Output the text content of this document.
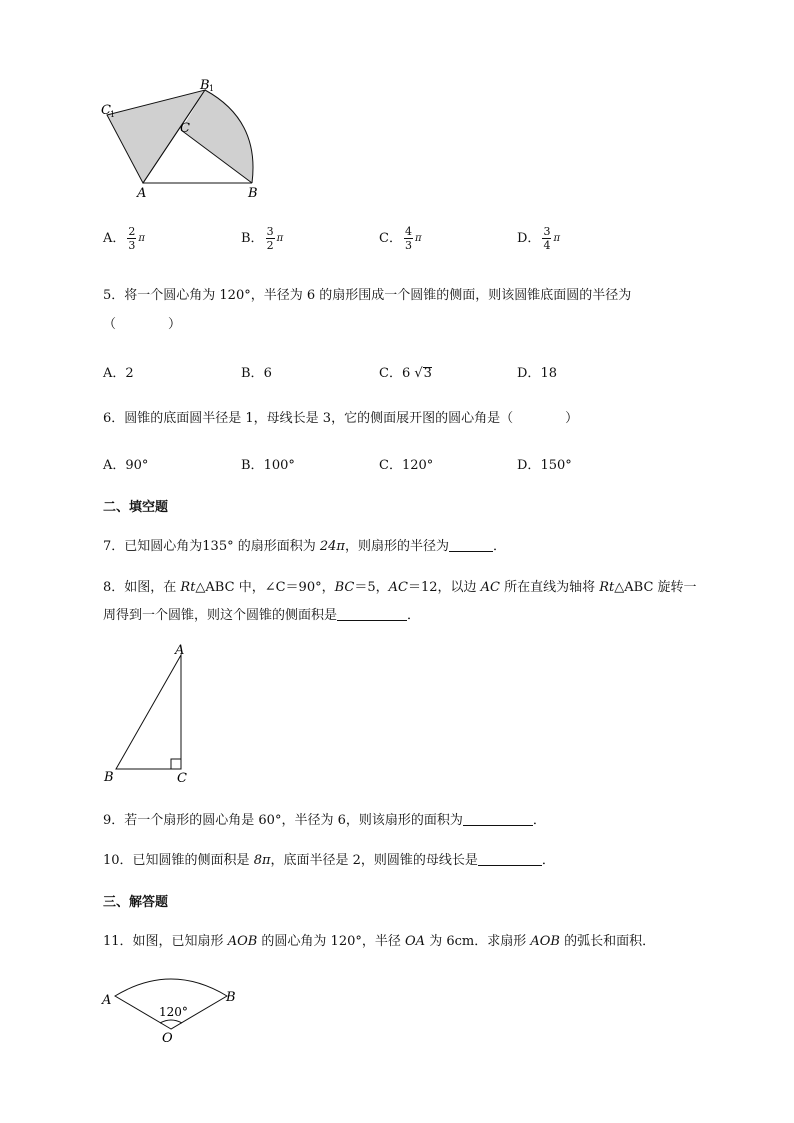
C 1
B 1
C
A	B
A． $\frac{2}{3}$ π	B． $\frac{3}{2}$ π	C． $\frac{4}{3}$ π	D． $\frac{3}{4}$ π
5．将一个圆心角为 120°，半径为 6 的扇形围成一个圆锥的侧面，则该圆锥底面圆的半径为
（　　　　）
A．2	B．6	C．6 √3	D．18
6．圆锥的底面圆半径是 1，母线长是 3，它的侧面展开图的圆心角是（　　　　）
A．90°	B．100°	C．120°	D．150°
二、填空题
7．已知圆心角为135° 的扇形面积为 24π，则扇形的半径为	．
8．如图，在 Rt△ABC 中，∠C＝90°，BC＝5，AC＝12，以边 AC 所在直线为轴将 Rt△ABC 旋转一
周得到一个圆锥，则这个圆锥的侧面积是	．
A
B	C
9．若一个扇形的圆心角是 60°，半径为 6，则该扇形的面积为	．
10．已知圆锥的侧面积是 8π，底面半径是 2，则圆锥的母线长是	．
三、解答题
11．如图，已知扇形 AOB 的圆心角为 120°，半径 OA 为 6cm．求扇形 AOB 的弧长和面积．
A	B
O
120°
